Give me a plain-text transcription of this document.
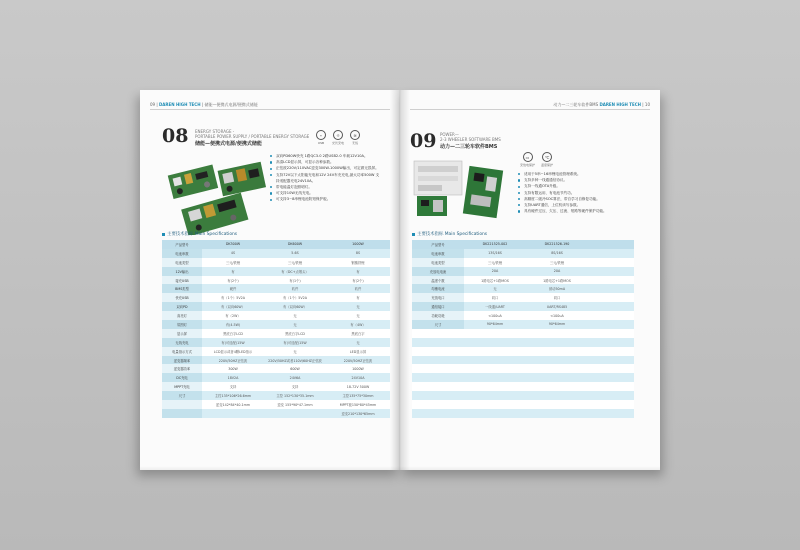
09 | DAREN HIGH TECH | 储能—便携式电源/便携式储能
08 ENERGY STORAGE -
PORTABLE POWER SUPPLY / PORTABLE ENERGY STORAGE
储能—便携式电源/便携式储能
⌁
USB
☼
光伏充电
≋
无线
双向PD60W快充 1路QC3.0 2路USB2.0 车载12V10A。
高清LCD显示屏，可显示各种参数。
正弦波220V/110VAC逆变300W-1000W输出，可定做无损屏。
支持72V以下太阳能充电和12V 24V车充充电,最大功率500W 支持适配器充电24V10A。
带电能温灯泡照明灯。
可支持10W无线充电。
可支持3~8串锂电池防短保护板。
主要技术指标 Main Specifications
产品型号	DK300W	DK600W	1000W
电池串数	4S	5-6S	8S
电池类型	三元/铁锂	三元/铁锂	钢酸铁锂
12V输出	有	有（DC+点烟头）	有
接充USB	有(2个)	有(1个)	有(2个)
BMS类型	硬件	软件	软件
快充USB	有（1个）5V2A	有（1个）5V2A	有
双向PD	有（双向60W）	有（双向60W）	无
高亮灯	有（2W）	无	无
氛围灯	有(4.5W)	无	有（4W）
显示屏	黑底白字LCD	黑底白字LCD	黑底白字
无线充电	有(可选配)15W	有(可选配)15W	无
电量指示方式	LCD显示或者4颗LED指示	无	LED显示屏
逆变器频率	220V/50HZ正弦波	220V/50HZ或者110V/60HZ正弦波	220V/50HZ正弦波
逆变器功率	300W	600W	1000W
DC充电	18V2A	24V6A	24V10A
MPPT充电	支持	支持	18-72V 500W
尺寸	主控135*106*26.6mm	主控 152*130*35.1mm	主控135*75*30mm
	逆变142*84*40.1mm	逆变 155*90*47.1mm	MPPT板150*80*45mm
			逆变210*130*65mm
动力—二三轮车软件BMS DAREN HIGH TECH | 10
09 POWER—
2-3 WHEELER SOFTWARE BMS
动力—二三轮车软件BMS
▭
充放电保护
℃
温度保护
适用于5串~16串锂电池管理系统。
支持多种一线通通信协议。
支持一线通OTA升级。
支持有限运用、有电池节约功。
高精度二级冷SOC算法，带自学习自修复功能。
支持UART通信，上位机读写参数。
具有硬件过压、欠压、过流、短路等硬件保护功能。
主要技术指标 Main Specifications
产品型号	DK221525-002	DK221526-190	
电池串数	13S/16S	8S/16S	
电池类型	三元/铁锂	三元/铁锂	
充放电电流	20A	20A	
温度个数	1路电芯+1路MOS	1路电芯+1路MOS	
均衡电流	无	被动50mA	
充放电口	同口	同口	
通信接口	一线通/UART	UART/RS485	
功耗功耗	<100uA	<100uA	
尺寸	90*64mm	90*64mm	
